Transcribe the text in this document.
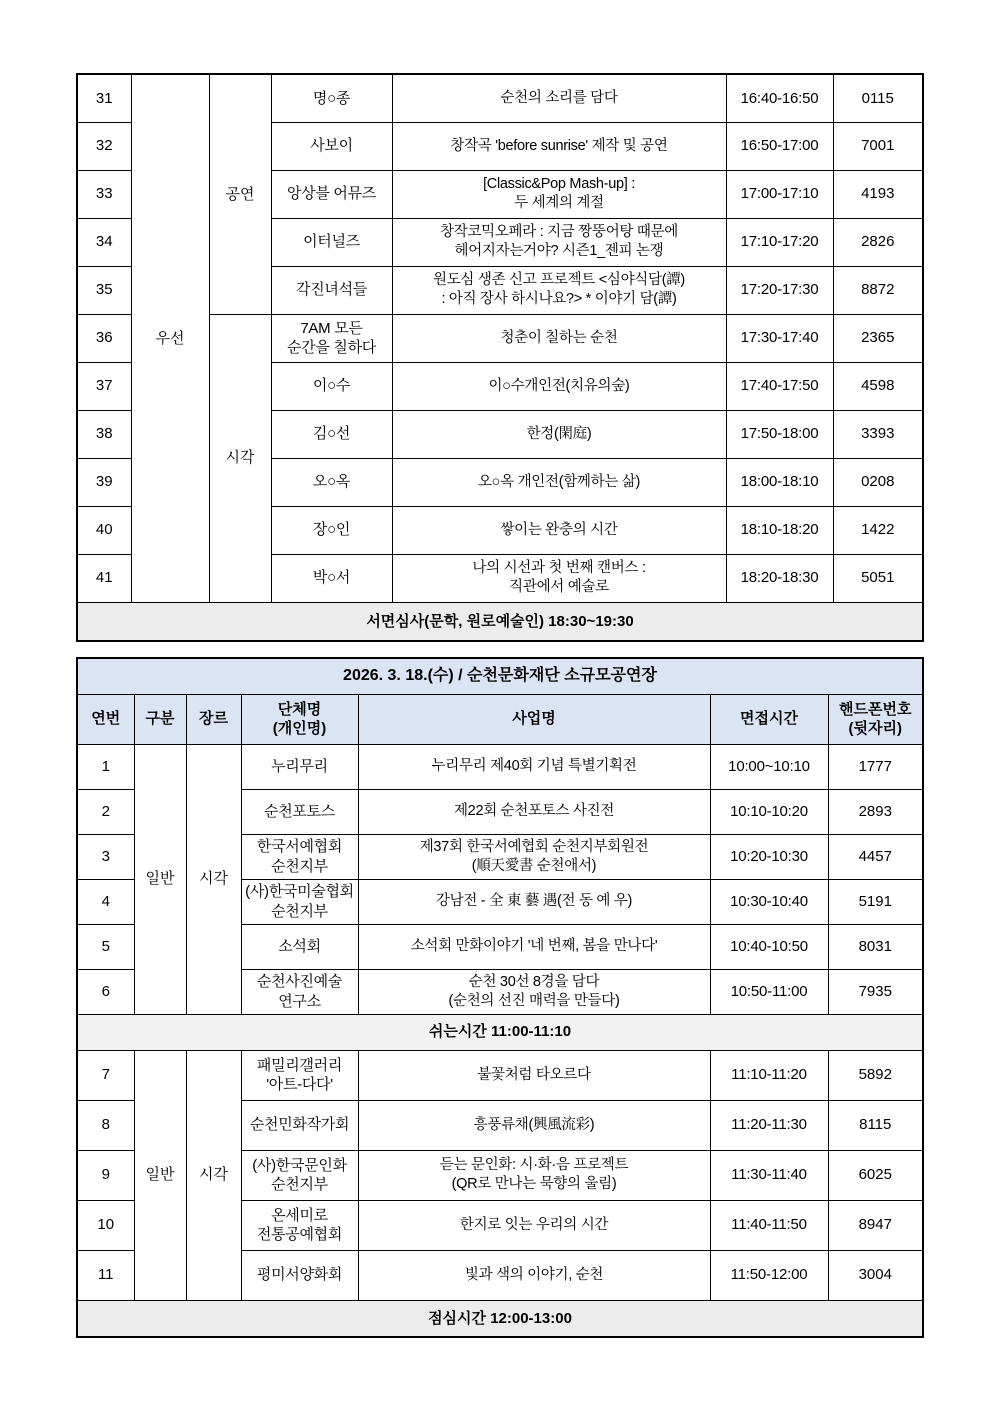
31	우선	공연	명○종	순천의 소리를 담다	16:40-16:50	0115
32			사보이	창작곡 'before sunrise' 제작 및 공연	16:50-17:00	7001
33			앙상블 어뮤즈	[Classic&Pop Mash-up] :
두 세계의 계절	17:00-17:10	4193
34			이터널즈	창작코믹오페라 : 지금 짱뚱어탕 때문에
헤어지자는거야? 시즌1_젠피 논쟁	17:10-17:20	2826
35			각진녀석들	원도심 생존 신고 프로젝트 <심야식담(譚)
: 아직 장사 하시나요?> * 이야기 담(譚)	17:20-17:30	8872
36		시각	7AM 모든
순간을 칠하다	청춘이 칠하는 순천	17:30-17:40	2365
37			이○수	이○수개인전(치유의숲)	17:40-17:50	4598
38			김○선	한정(閑庭)	17:50-18:00	3393
39			오○옥	오○옥 개인전(함께하는 삶)	18:00-18:10	0208
40			장○인	쌓이는 완충의 시간	18:10-18:20	1422
41			박○서	나의 시선과 첫 번째 캔버스 :
직관에서 예술로	18:20-18:30	5051
서면심사(문학, 원로예술인) 18:30~19:30						
2026. 3. 18.(수) / 순천문화재단 소규모공연장						
연번	구분	장르	단체명
(개인명)	사업명	면접시간	핸드폰번호
(뒷자리)
1	일반	시각	누리무리	누리무리 제40회 기념 특별기획전	10:00~10:10	1777
2			순천포토스	제22회 순천포토스 사진전	10:10-10:20	2893
3			한국서예협회
순천지부	제37회 한국서예협회 순천지부회원전
(順天愛書 순천애서)	10:20-10:30	4457
4			(사)한국미술협회
순천지부	강남전 - 全 東 藝 遇(전 동 예 우)	10:30-10:40	5191
5			소석회	소석회 만화이야기 '네 번째, 봄을 만나다'	10:40-10:50	8031
6			순천사진예술
연구소	순천 30선 8경을 담다
(순천의 선진 매력을 만들다)	10:50-11:00	7935
쉬는시간 11:00-11:10						
7	일반	시각	패밀리갤러리
'아트-다다'	불꽃처럼 타오르다	11:10-11:20	5892
8			순천민화작가회	흥풍류채(興風流彩)	11:20-11:30	8115
9			(사)한국문인화
순천지부	듣는 문인화: 시·화·음 프로젝트
(QR로 만나는 묵향의 울림)	11:30-11:40	6025
10			온세미로
전통공예협회	한지로 잇는 우리의 시간	11:40-11:50	8947
11			평미서양화회	빛과 색의 이야기, 순천	11:50-12:00	3004
점심시간 12:00-13:00						
